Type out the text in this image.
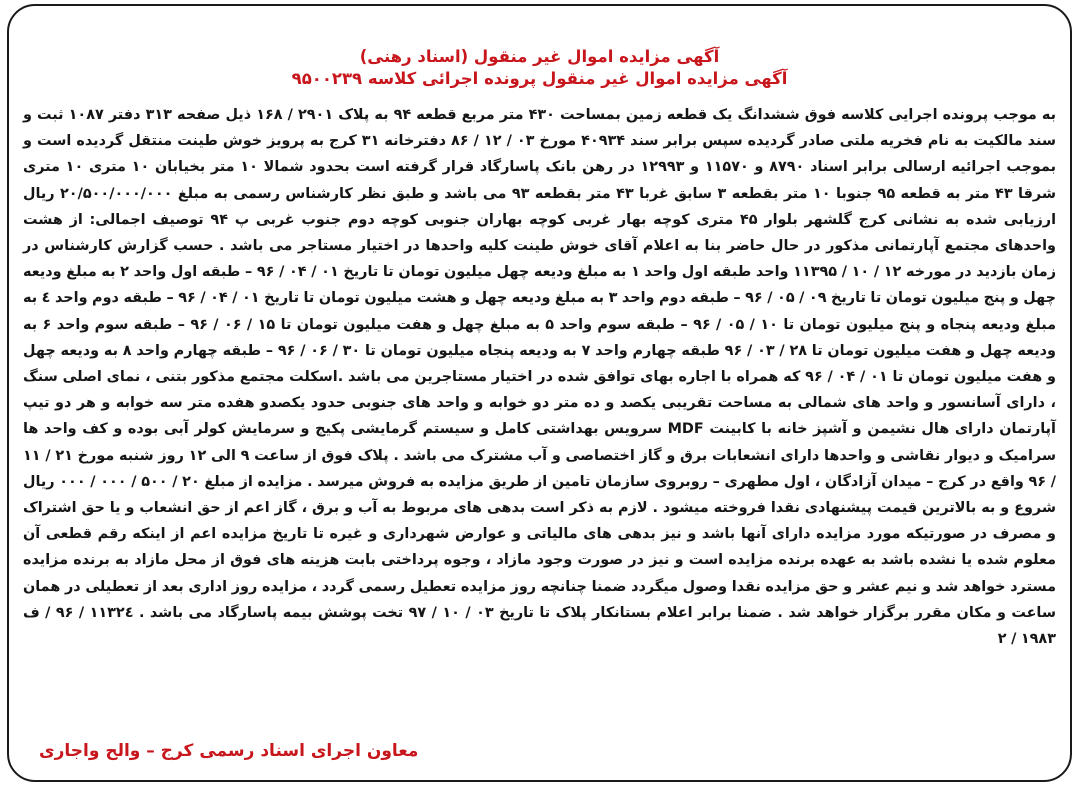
آگهی مزایده اموال غیر منقول (اسناد رهنی)
آگهی مزایده اموال غیر منقول پرونده اجرائی کلاسه ۹۵۰۰۲۳۹
به موجب پرونده اجرایی کلاسه فوق ششدانگ یک قطعه زمین بمساحت ۴۳۰ متر مربع قطعه ۹۴ به پلاک ۲۹۰۱ / ۱۶۸ ذیل صفحه ۳۱۳ دفتر ۱۰۸۷ ثبت و سند مالکیت به نام فخریه ملتی صادر گردیده سپس برابر سند ۴۰۹۳۴ مورخ ۰۳ / ۱۲ / ۸۶ دفترخانه ۳۱ کرج به پرویز خوش طینت منتقل گردیده است و بموجب اجرائیه ارسالی برابر اسناد ۸۷۹۰ و ۱۱۵۷۰ و ۱۲۹۹۳ در رهن بانک پاسارگاد قرار گرفته است بحدود شمالا ۱۰ متر بخیابان ۱۰ متری ۱۰ متری شرقا ۴۳ متر به قطعه ۹۵ جنوبا ۱۰ متر بقطعه ۳ سابق غربا ۴۳ متر بقطعه ۹۳ می باشد و طبق نظر کارشناس رسمی به مبلغ ۲۰/۵۰۰/۰۰۰/۰۰۰ ریال ارزیابی شده به نشانی کرج گلشهر بلوار ۴۵ متری کوچه بهار غربی کوچه بهاران جنوبی کوچه دوم جنوب غربی پ ۹۴ توصیف اجمالی: از هشت واحدهای مجتمع آپارتمانی مذکور در حال حاضر بنا به اعلام آقای خوش طینت کلیه واحدها در اختیار مستاجر می باشد . حسب گزارش کارشناس در زمان بازدید در مورخه ۱۲ / ۱۰ / ۱۱۳۹۵ واحد طبقه اول واحد ۱ به مبلغ ودیعه چهل میلیون تومان تا تاریخ ۰۱ / ۰۴ / ۹۶ – طبقه اول واحد ۲ به مبلغ ودیعه چهل و پنج میلیون تومان تا تاریخ ۰۹ / ۰۵ / ۹۶ – طبقه دوم واحد ۳ به مبلغ ودیعه چهل و هشت میلیون تومان تا تاریخ ۰۱ / ۰۴ / ۹۶ – طبقه دوم واحد ٤ به مبلغ ودیعه پنجاه و پنج میلیون تومان تا ۱۰ / ۰۵ / ۹۶ – طبقه سوم واحد ۵ به مبلغ چهل و هفت میلیون تومان تا ۱۵ / ۰۶ / ۹۶ – طبقه سوم واحد ۶ به ودیعه چهل و هفت میلیون تومان تا ۲۸ / ۰۳ / ۹۶ طبقه چهارم واحد ۷ به ودیعه پنجاه میلیون تومان تا ۳۰ / ۰۶ / ۹۶ – طبقه چهارم واحد ۸ به ودیعه چهل و هفت میلیون تومان تا ۰۱ / ۰۴ / ۹۶ که همراه با اجاره بهای توافق شده در اختیار مستاجرین می باشد .اسکلت مجتمع مذکور بتنی ، نمای اصلی سنگ ، دارای آسانسور و واحد های شمالی به مساحت تقریبی یکصد و ده متر دو خوابه و واحد های جنوبی حدود یکصدو هفده متر سه خوابه و هر دو تیپ آپارتمان دارای هال نشیمن و آشپز خانه با کابینت MDF سرویس بهداشتی کامل و سیستم گرمایشی پکیج و سرمایش کولر آبی بوده و کف واحد ها سرامیک و دیوار نقاشی و واحدها دارای انشعابات برق و گاز اختصاصی و آب مشترک می باشد . پلاک فوق از ساعت ۹ الی ۱۲ روز شنبه مورخ ۲۱ / ۱۱ / ۹۶ واقع در کرج – میدان آزادگان ، اول مطهری – روبروی سازمان تامین از طریق مزایده به فروش میرسد . مزایده از مبلغ ۲۰ / ۵۰۰ / ۰۰۰ / ۰۰۰ ریال شروع و به بالاترین قیمت پیشنهادی نقدا فروخته میشود . لازم به ذکر است بدهی های مربوط به آب و برق ، گاز اعم از حق انشعاب و یا حق اشتراک و مصرف در صورتیکه مورد مزایده دارای آنها باشد و نیز بدهی های مالیاتی و عوارض شهرداری و غیره تا تاریخ مزایده اعم از اینکه رقم قطعی آن معلوم شده یا نشده باشد به عهده برنده مزایده است و نیز در صورت وجود مازاد ، وجوه پرداختی بابت هزینه های فوق از محل مازاد به برنده مزایده مسترد خواهد شد و نیم عشر و حق مزایده نقدا وصول میگردد ضمنا چنانچه روز مزایده تعطیل رسمی گردد ، مزایده روز اداری بعد از تعطیلی در همان ساعت و مکان مقرر برگزار خواهد شد . ضمنا برابر اعلام بستانکار پلاک تا تاریخ ۰۳ / ۱۰ / ۹۷ تخت پوشش بیمه پاسارگاد می باشد . ۱۱۳۲٤ / ۹۶ / ف ۱۹۸۳ / ۲
معاون اجرای اسناد رسمی کرج – والح واجاری
